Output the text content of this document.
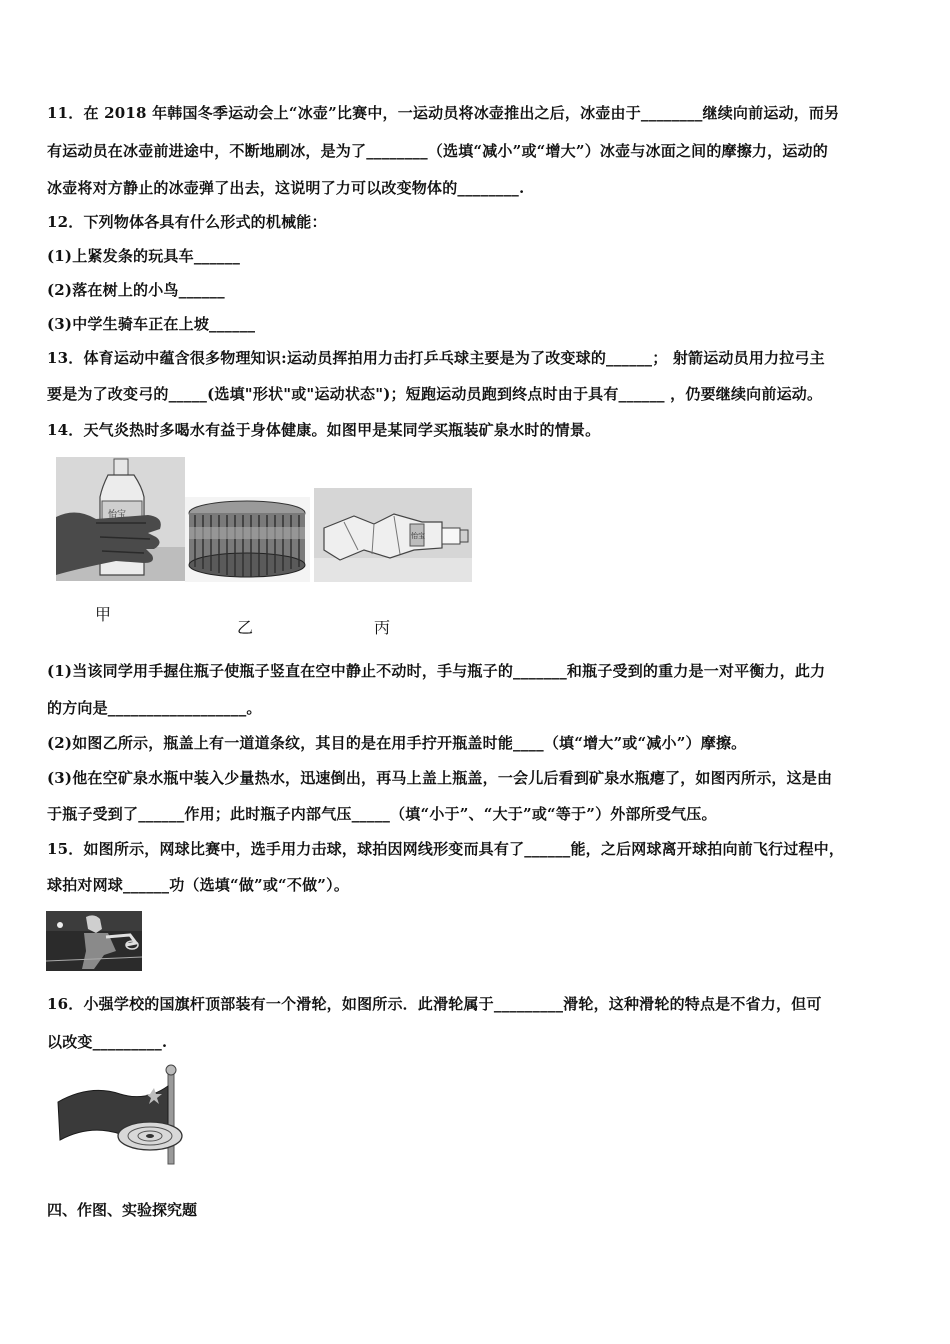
11．在 2018 年韩国冬季运动会上“冰壶”比赛中，一运动员将冰壶推出之后，冰壶由于________继续向前运动，而另
有运动员在冰壶前进途中，不断地刷冰，是为了________（选填“减小”或“增大”）冰壶与冰面之间的摩擦力，运动的
冰壶将对方静止的冰壶弹了出去，这说明了力可以改变物体的________.
12．下列物体各具有什么形式的机械能：
(1)上紧发条的玩具车______
(2)落在树上的小鸟______
(3)中学生骑车正在上坡______
13．体育运动中蕴含很多物理知识:运动员挥拍用力击打乒乓球主要是为了改变球的______； 射箭运动员用力拉弓主
要是为了改变弓的_____(选填"形状"或"运动状态")；短跑运动员跑到终点时由于具有______ ，仍要继续向前运动。
14．天气炎热时多喝水有益于身体健康。如图甲是某同学买瓶装矿泉水时的情景。
怡宝
怡宝
甲
乙	丙
(1)当该同学用手握住瓶子使瓶子竖直在空中静止不动时，手与瓶子的_______和瓶子受到的重力是一对平衡力，此力
的方向是__________________。
(2)如图乙所示，瓶盖上有一道道条纹，其目的是在用手拧开瓶盖时能____（填“增大”或“减小”）摩擦。
(3)他在空矿泉水瓶中装入少量热水，迅速倒出，再马上盖上瓶盖，一会儿后看到矿泉水瓶瘪了，如图丙所示，这是由
于瓶子受到了______作用；此时瓶子内部气压_____（填“小于”、“大于”或“等于”）外部所受气压。
15．如图所示，网球比赛中，选手用力击球，球拍因网线形变而具有了______能，之后网球离开球拍向前飞行过程中，
球拍对网球______功（选填“做”或“不做”）。
16．小强学校的国旗杆顶部装有一个滑轮，如图所示．此滑轮属于_________滑轮，这种滑轮的特点是不省力，但可
以改变_________.
四、作图、实验探究题
